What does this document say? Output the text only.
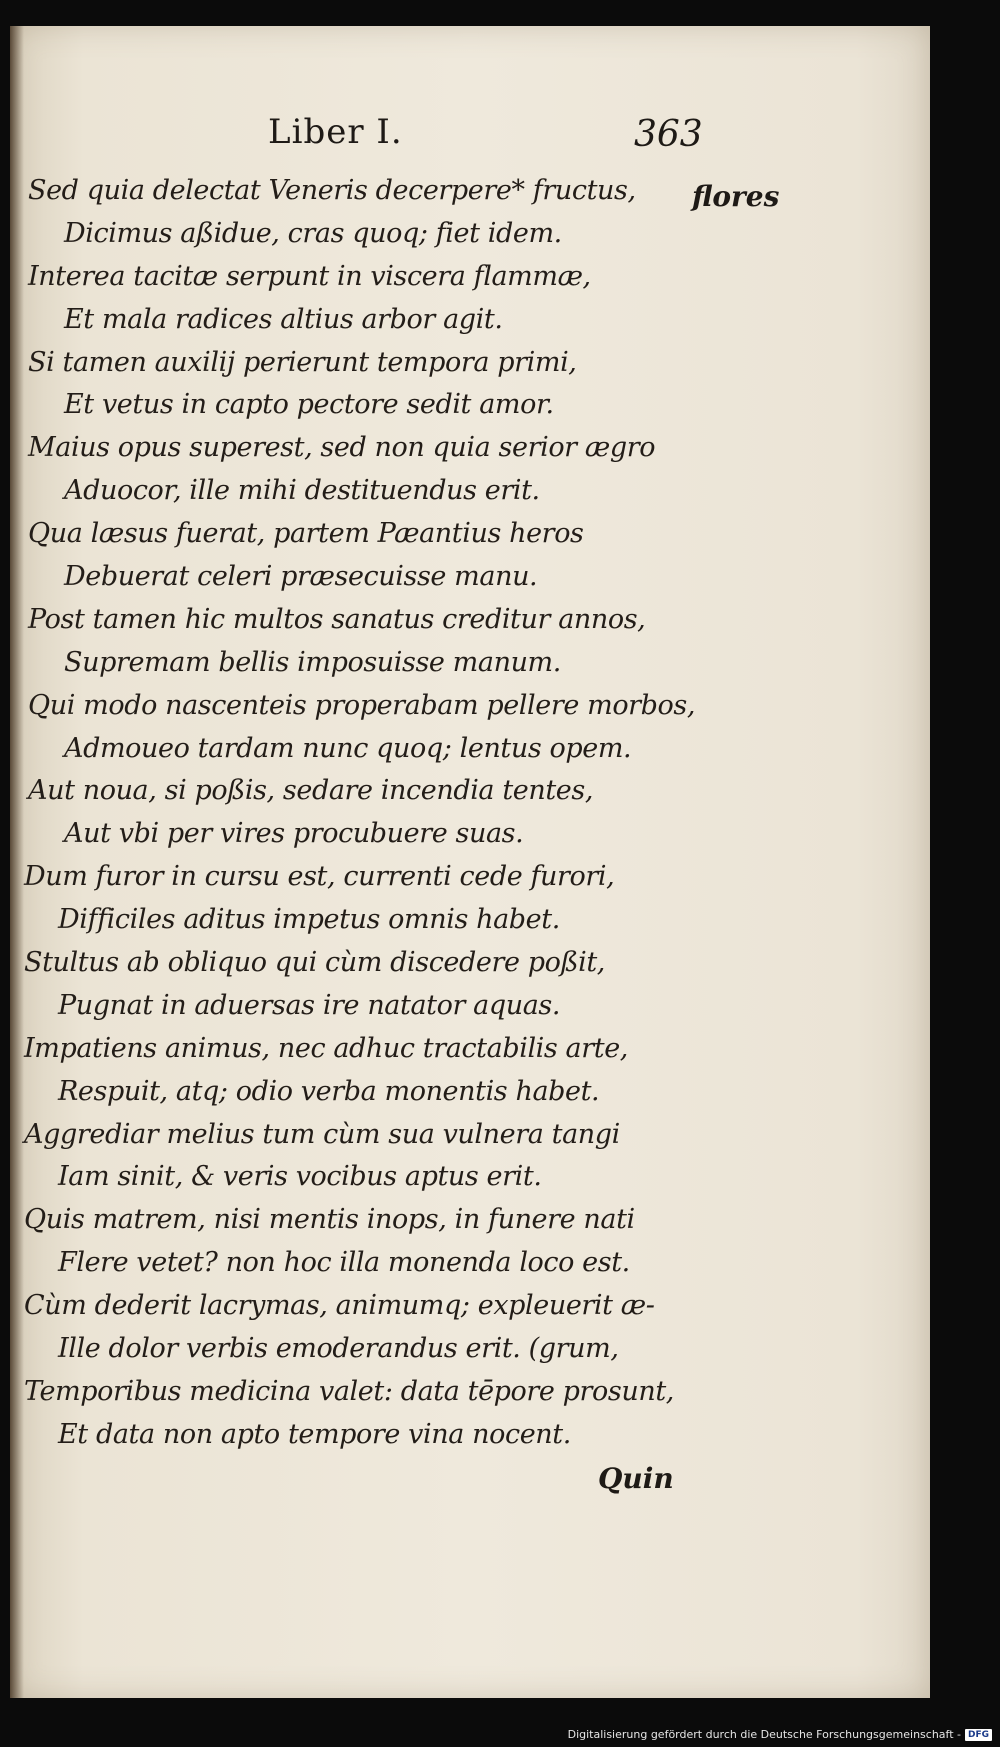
Liber I.	363
flores
Sed quia delectat Veneris decerpere* fructus,
Dicimus aßidue, cras quoq; fiet idem.
Interea tacitæ serpunt in viscera flammæ,
Et mala radices altius arbor agit.
Si tamen auxilij perierunt tempora primi,
Et vetus in capto pectore sedit amor.
Maius opus superest, sed non quia serior ægro
Aduocor, ille mihi destituendus erit.
Qua læsus fuerat, partem Pæantius heros
Debuerat celeri præsecuisse manu.
Post tamen hic multos sanatus creditur annos,
Supremam bellis imposuisse manum.
Qui modo nascenteis properabam pellere morbos,
Admoueo tardam nunc quoq; lentus opem.
Aut noua, si poßis, sedare incendia tentes,
Aut vbi per vires procubuere suas.
Dum furor in cursu est, currenti cede furori,
Difficiles aditus impetus omnis habet.
Stultus ab obliquo qui cùm discedere poßit,
Pugnat in aduersas ire natator aquas.
Impatiens animus, nec adhuc tractabilis arte,
Respuit, atq; odio verba monentis habet.
Aggrediar melius tum cùm sua vulnera tangi
Iam sinit, & veris vocibus aptus erit.
Quis matrem, nisi mentis inops, in funere nati
Flere vetet? non hoc illa monenda loco est.
Cùm dederit lacrymas, animumq; expleuerit æ-
Ille dolor verbis emoderandus erit. (grum,
Temporibus medicina valet: data tēpore prosunt,
Et data non apto tempore vina nocent.
Quin
Digitalisierung gefördert durch die Deutsche Forschungsgemeinschaft - DFG
